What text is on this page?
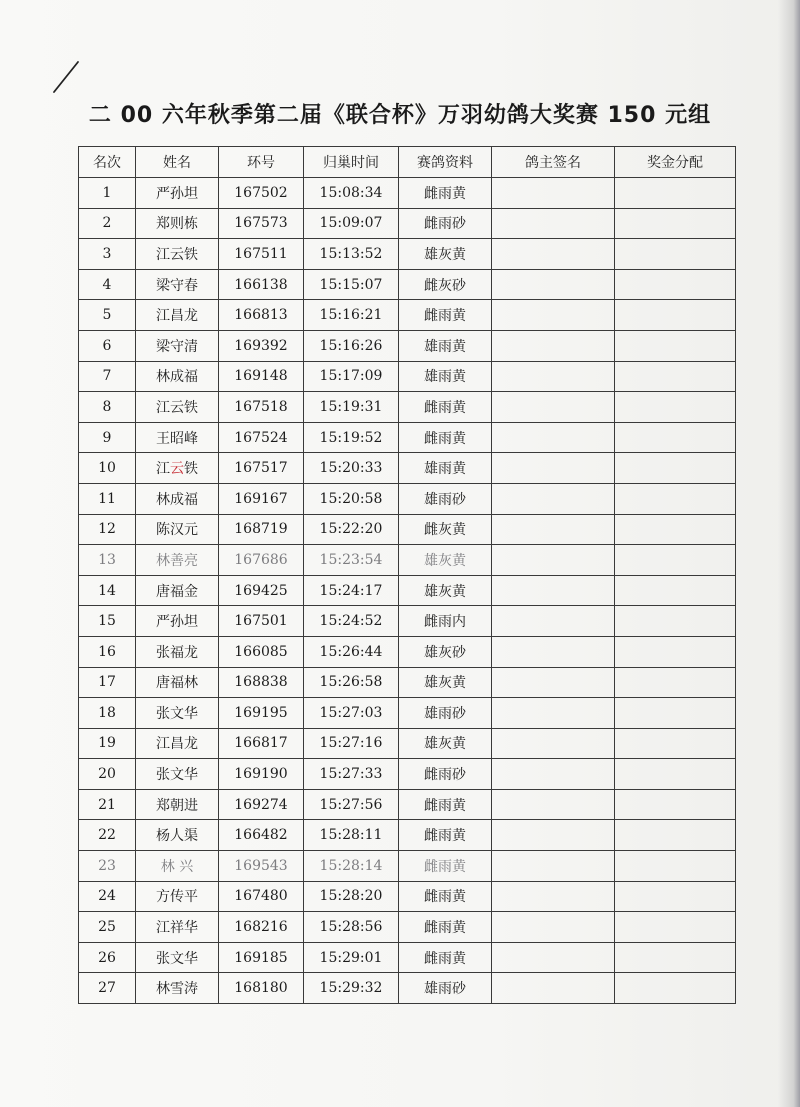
二 00 六年秋季第二届《联合杯》万羽幼鸽大奖赛 150 元组
名次	姓名	环号	归巢时间	赛鸽资料	鸽主签名	奖金分配
1	严孙坦	167502	15:08:34	雌雨黄		
2	郑则栋	167573	15:09:07	雌雨砂		
3	江云铁	167511	15:13:52	雄灰黄		
4	梁守春	166138	15:15:07	雌灰砂		
5	江昌龙	166813	15:16:21	雌雨黄		
6	梁守清	169392	15:16:26	雄雨黄		
7	林成福	169148	15:17:09	雄雨黄		
8	江云铁	167518	15:19:31	雌雨黄		
9	王昭峰	167524	15:19:52	雌雨黄		
10	江云铁	167517	15:20:33	雄雨黄		
11	林成福	169167	15:20:58	雄雨砂		
12	陈汉元	168719	15:22:20	雌灰黄		
13	林善亮	167686	15:23:54	雄灰黄		
14	唐福金	169425	15:24:17	雄灰黄		
15	严孙坦	167501	15:24:52	雌雨内		
16	张福龙	166085	15:26:44	雄灰砂		
17	唐福林	168838	15:26:58	雄灰黄		
18	张文华	169195	15:27:03	雄雨砂		
19	江昌龙	166817	15:27:16	雄灰黄		
20	张文华	169190	15:27:33	雌雨砂		
21	郑朝进	169274	15:27:56	雌雨黄		
22	杨人渠	166482	15:28:11	雌雨黄		
23	林 兴	169543	15:28:14	雌雨黄		
24	方传平	167480	15:28:20	雌雨黄		
25	江祥华	168216	15:28:56	雌雨黄		
26	张文华	169185	15:29:01	雌雨黄		
27	林雪涛	168180	15:29:32	雄雨砂		
